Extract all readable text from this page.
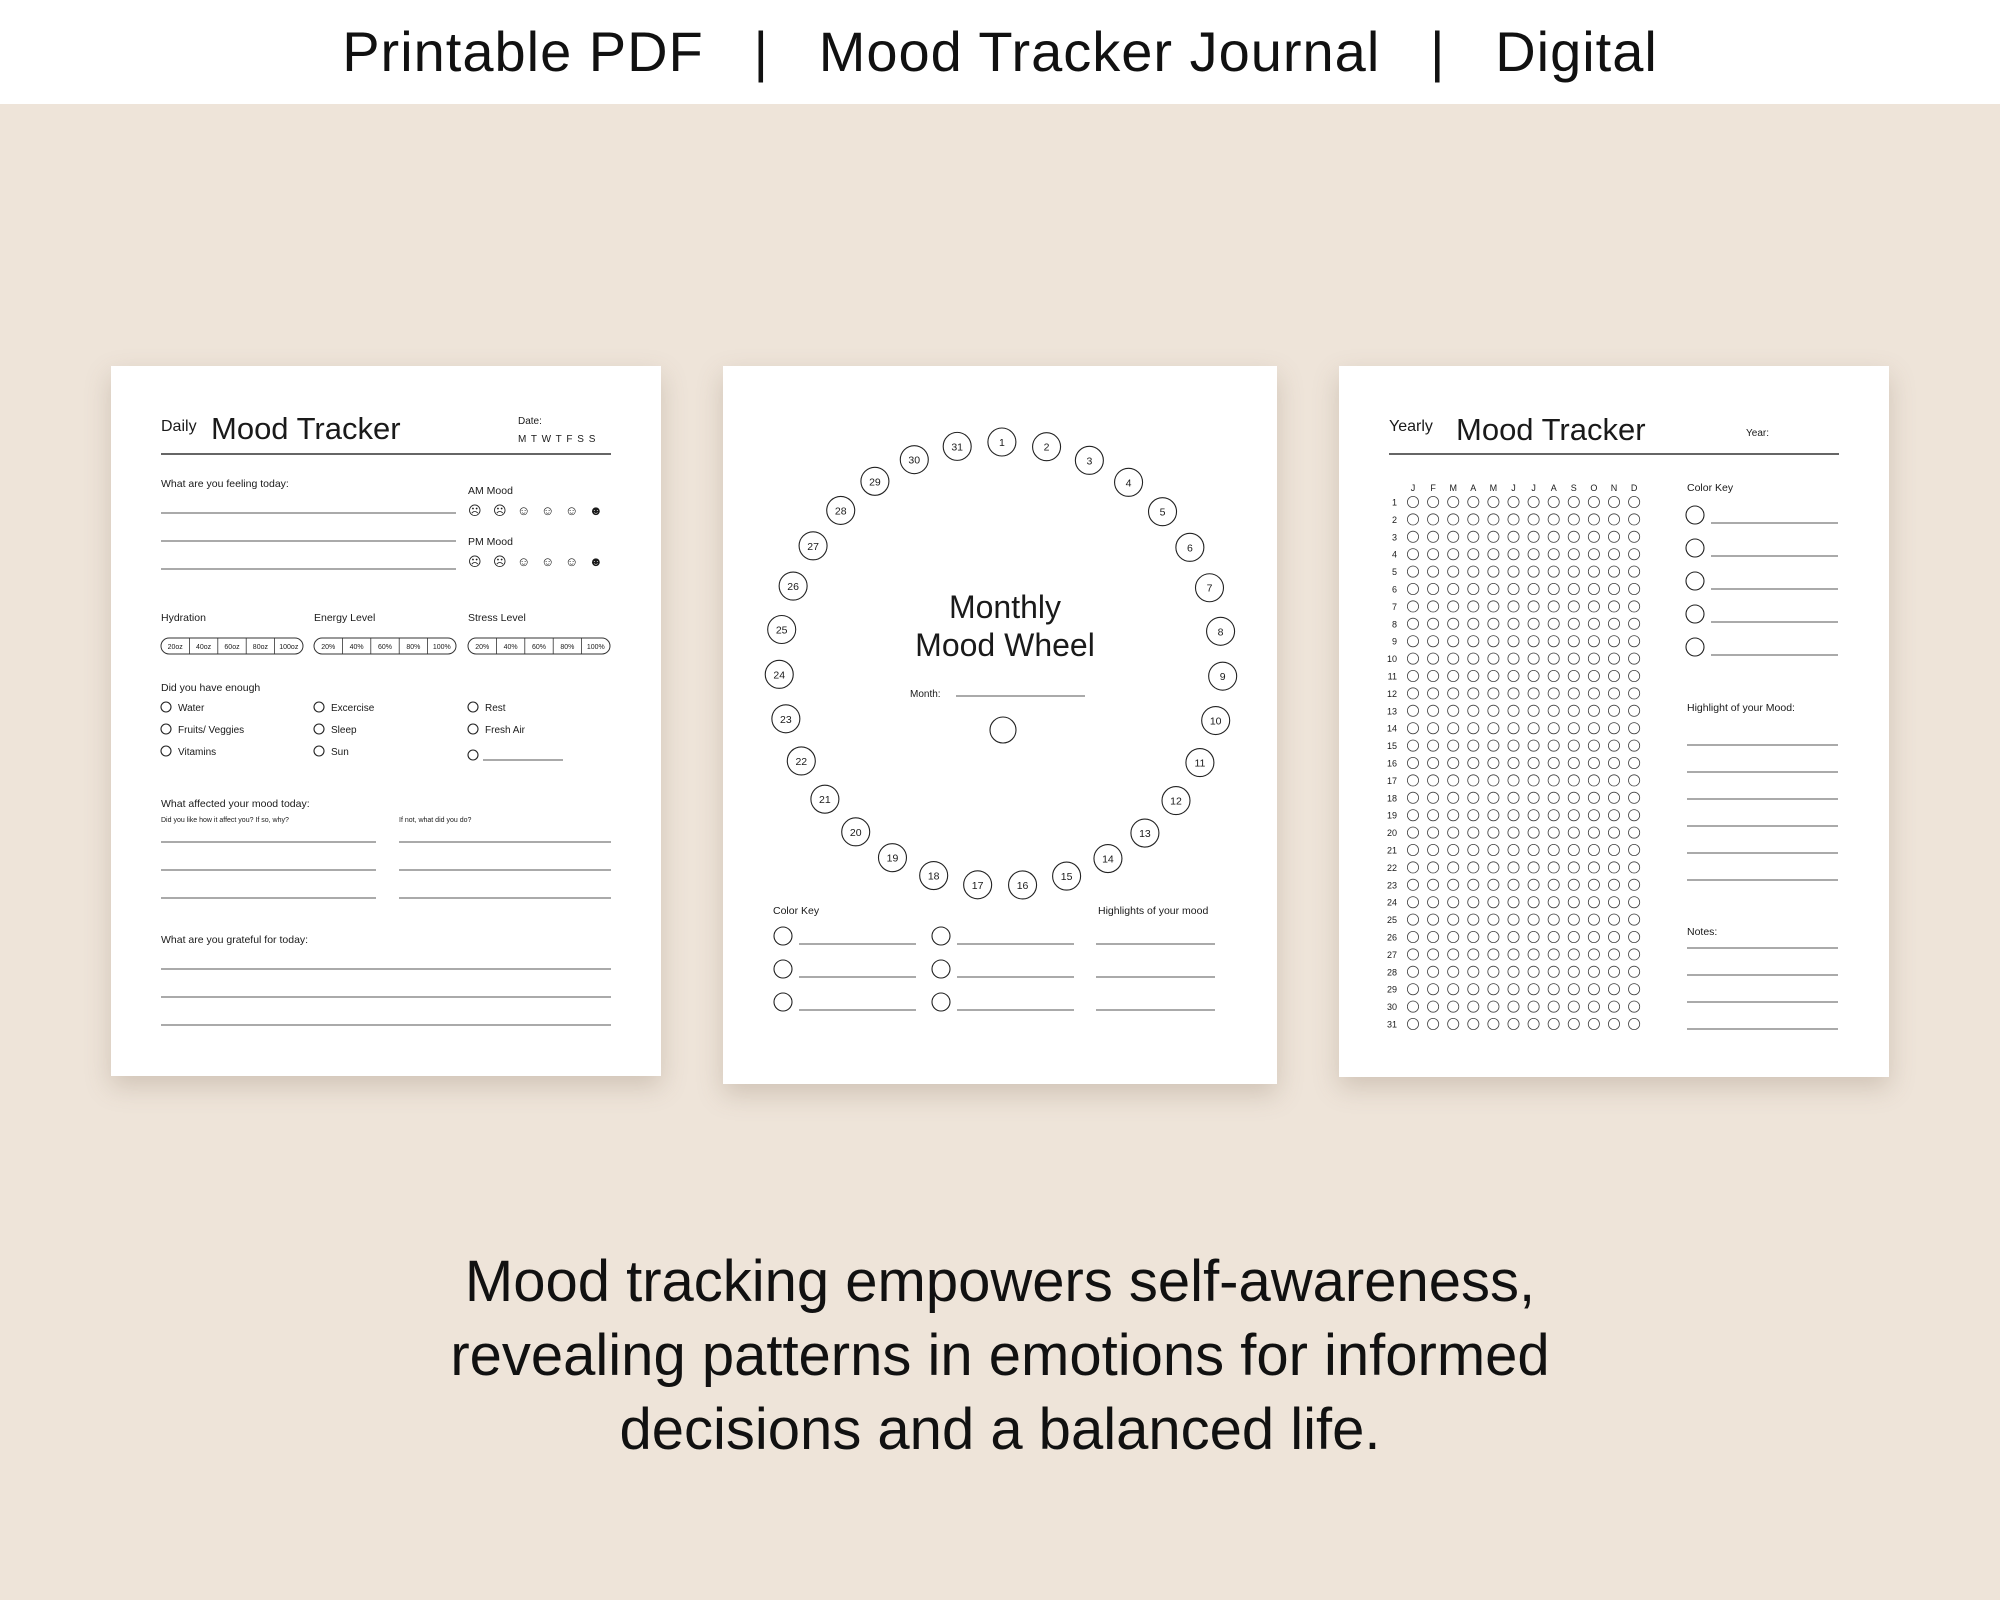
Printable PDF | Mood Tracker Journal | Digital
Daily Mood Tracker	Date:
M T W T F S S
What are you feeling today:
AM Mood
☹ ☹ ☺ ☺ ☺ ☻
PM Mood
☹ ☹ ☺ ☺ ☺ ☻
Hydration	Energy Level	Stress Level
20oz 40oz 60oz 80oz 100oz	20% 40% 60% 80% 100%	20% 40% 60% 80% 100%
Did you have enough
Water	Excercise	Rest
Fruits/ Veggies	Sleep	Fresh Air
Vitamins	Sun
What affected your mood today:
Did you like how it affect you? If so, why?	If not, what did you do?
What are you grateful for today:
1	2
3
4
5
6
7
8
9
10
11
12
13
14
15
16
17
18
19
20
21
22
23
24
25
26
27
28
29
30
31
Monthly
Mood Wheel
Month:
Color Key	Highlights of your mood
Yearly Mood Tracker	Year:
J F M A M J J A S O N D
1
2
3
4
5
6
7
8
9
10
11
12
13
14
15
16
17
18
19
20
21
22
23
24
25
26
27
28
29
30
31
Color Key
Highlight of your Mood:
Notes:
Mood tracking empowers self-awareness,
revealing patterns in emotions for informed
decisions and a balanced life.
